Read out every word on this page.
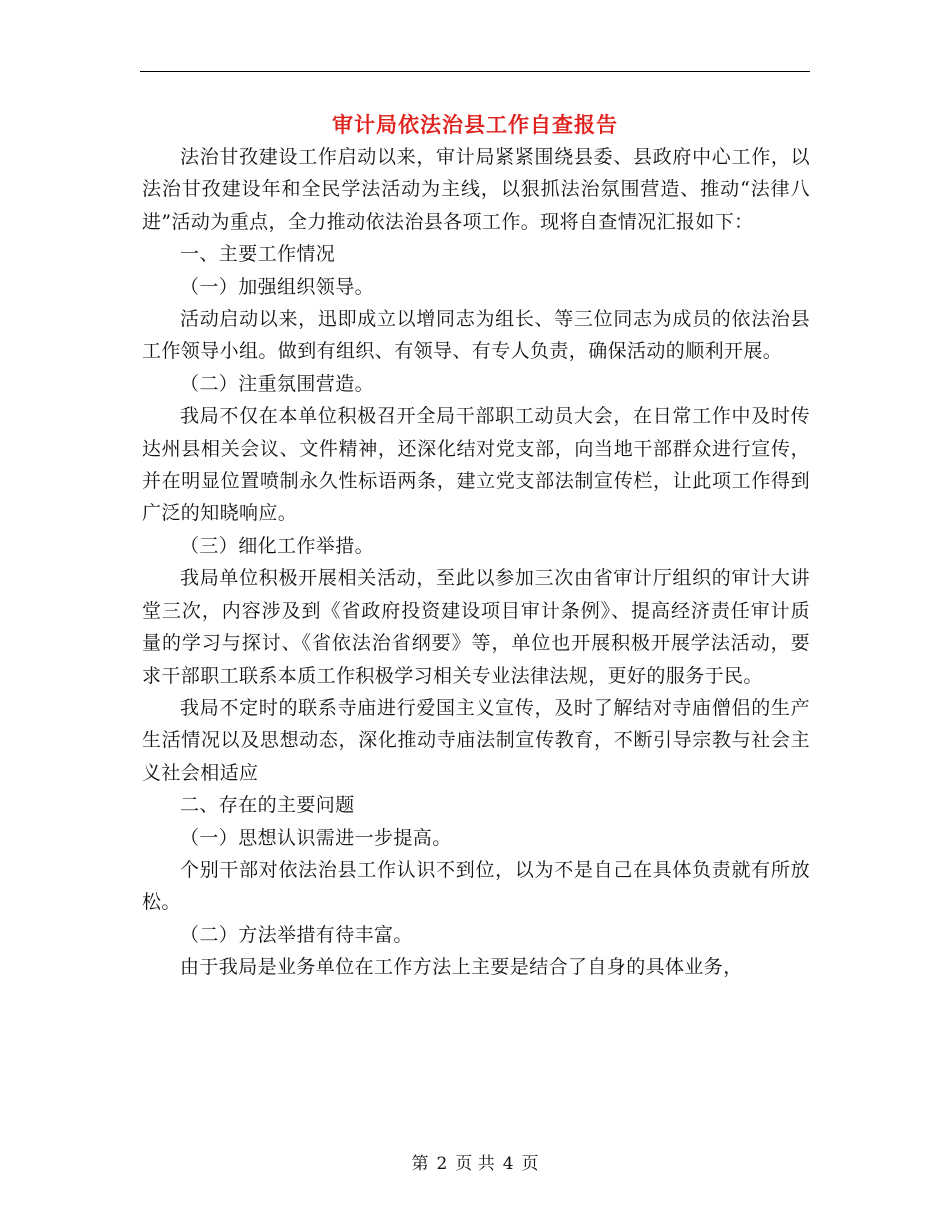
审计局依法治县工作自查报告

法治甘孜建设工作启动以来，审计局紧紧围绕县委、县政府中心工作，以法治甘孜建设年和全民学法活动为主线，以狠抓法治氛围营造、推动“法律八进”活动为重点，全力推动依法治县各项工作。现将自查情况汇报如下：

一、主要工作情况

（一）加强组织领导。

活动启动以来，迅即成立以增同志为组长、等三位同志为成员的依法治县工作领导小组。做到有组织、有领导、有专人负责，确保活动的顺利开展。

（二）注重氛围营造。

我局不仅在本单位积极召开全局干部职工动员大会，在日常工作中及时传达州县相关会议、文件精神，还深化结对党支部，向当地干部群众进行宣传，并在明显位置喷制永久性标语两条，建立党支部法制宣传栏，让此项工作得到广泛的知晓响应。

（三）细化工作举措。

我局单位积极开展相关活动，至此以参加三次由省审计厅组织的审计大讲堂三次，内容涉及到《省政府投资建设项目审计条例》、提高经济责任审计质量的学习与探讨、《省依法治省纲要》等，单位也开展积极开展学法活动，要求干部职工联系本质工作积极学习相关专业法律法规，更好的服务于民。

我局不定时的联系寺庙进行爱国主义宣传，及时了解结对寺庙僧侣的生产生活情况以及思想动态，深化推动寺庙法制宣传教育，不断引导宗教与社会主义社会相适应

二、存在的主要问题

（一）思想认识需进一步提高。

个别干部对依法治县工作认识不到位，以为不是自己在具体负责就有所放松。

（二）方法举措有待丰富。

由于我局是业务单位在工作方法上主要是结合了自身的具体业务，

第 2 页 共 4 页
